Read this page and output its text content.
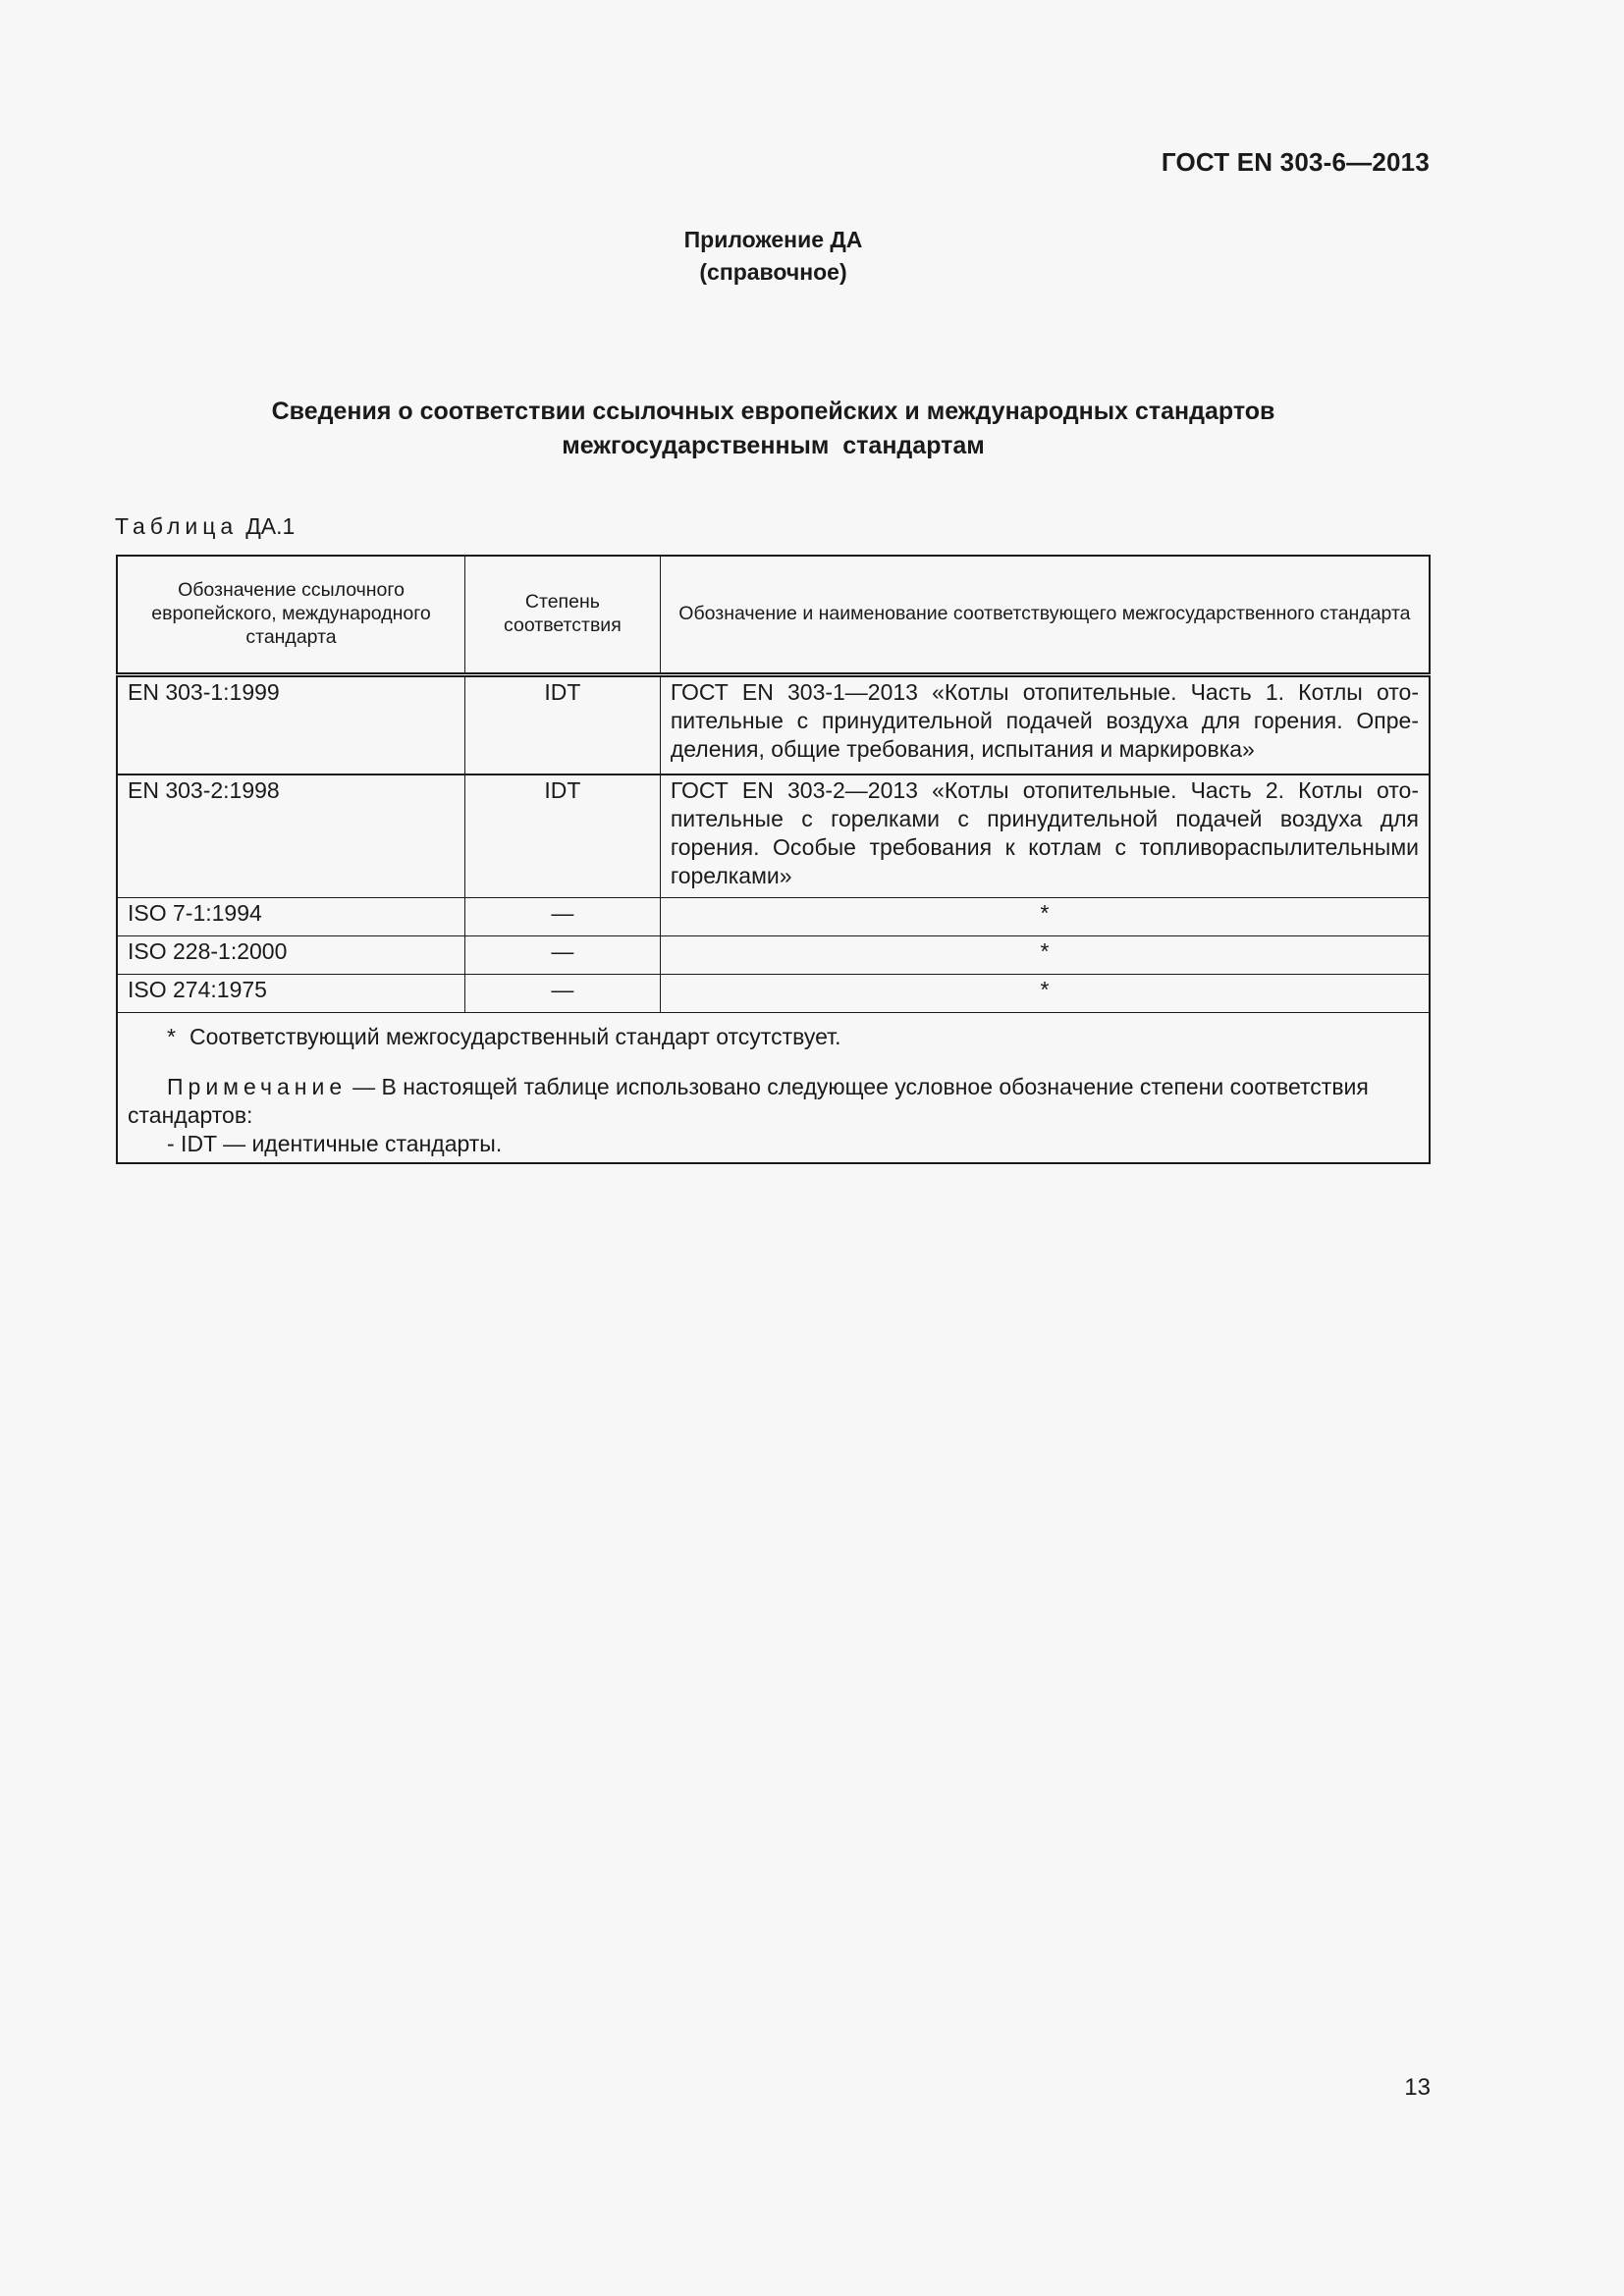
ГОСТ EN 303-6—2013
Приложение ДА
(справочное)
Сведения о соответствии ссылочных европейских и международных стандартов
межгосударственным  стандартам
Таблица ДА.1
Обозначение ссылочного европейского, международного стандарта	Степень соответствия	Обозначение и наименование соответствующего межгосударственного стандарта
EN 303-1:1999	IDT	ГОСТ EN 303-1—2013 «Котлы отопительные. Часть 1. Котлы отопительные с принудительной подачей воздуха для горения. Определения, общие требования, испытания и маркировка»
EN 303-2:1998	IDT	ГОСТ EN 303-2—2013 «Котлы отопительные. Часть 2. Котлы отопительные с горелками с принудительной подачей воздуха для горения. Особые требования к котлам с топливораспылительными горелками»
ISO 7-1:1994	—	*
ISO 228-1:2000	—	*
ISO 274:1975	—	*

* Соответствующий межгосударственный стандарт отсутствует.
Примечание — В настоящей таблице использовано следующее условное обозначение степени соответствия стандартов:
- IDT — идентичные стандарты.		
13
